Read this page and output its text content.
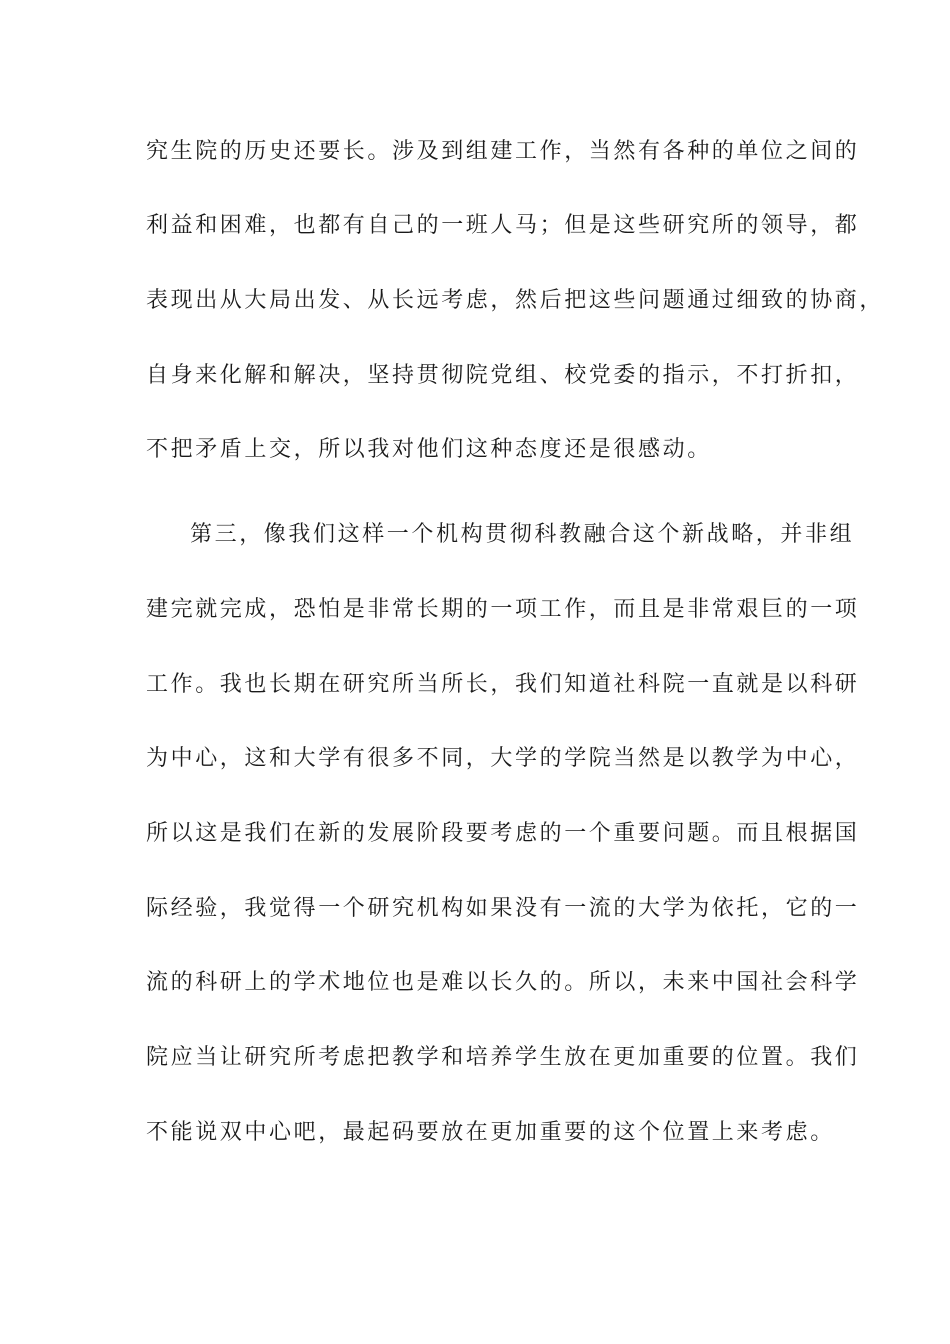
究生院的历史还要长。涉及到组建工作，当然有各种的单位之间的
利益和困难，也都有自己的一班人马；但是这些研究所的领导，都
表现出从大局出发、从长远考虑，然后把这些问题通过细致的协商，
自身来化解和解决，坚持贯彻院党组、校党委的指示，不打折扣，
不把矛盾上交，所以我对他们这种态度还是很感动。
第三，像我们这样一个机构贯彻科教融合这个新战略，并非组
建完就完成，恐怕是非常长期的一项工作，而且是非常艰巨的一项
工作。我也长期在研究所当所长，我们知道社科院一直就是以科研
为中心，这和大学有很多不同，大学的学院当然是以教学为中心，
所以这是我们在新的发展阶段要考虑的一个重要问题。而且根据国
际经验，我觉得一个研究机构如果没有一流的大学为依托，它的一
流的科研上的学术地位也是难以长久的。所以，未来中国社会科学
院应当让研究所考虑把教学和培养学生放在更加重要的位置。我们
不能说双中心吧，最起码要放在更加重要的这个位置上来考虑。
